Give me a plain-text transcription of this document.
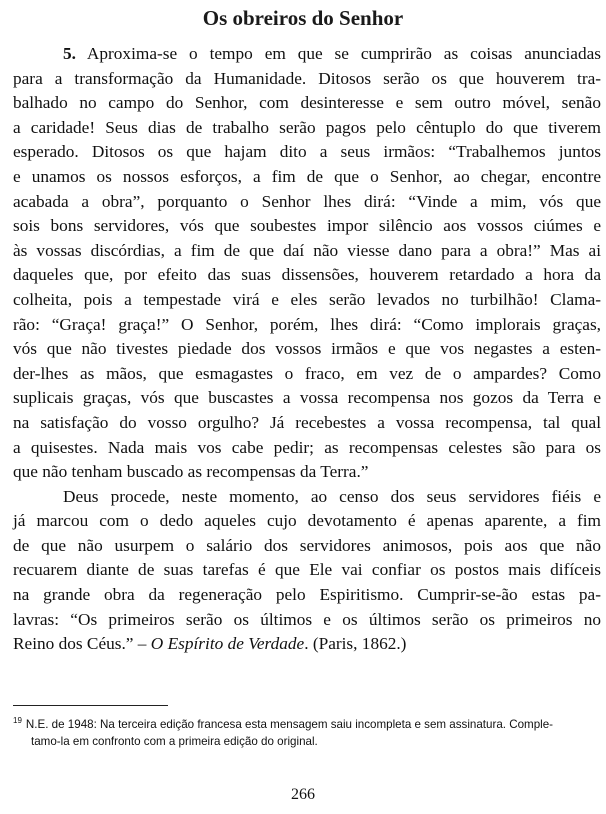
Os obreiros do Senhor
5. Aproxima-se o tempo em que se cumprirão as coisas anunciadas
para a transformação da Humanidade. Ditosos serão os que houverem tra-
balhado no campo do Senhor, com desinteresse e sem outro móvel, senão
a caridade! Seus dias de trabalho serão pagos pelo cêntuplo do que tiverem
esperado. Ditosos os que hajam dito a seus irmãos: “Trabalhemos juntos
e unamos os nossos esforços, a fim de que o Senhor, ao chegar, encontre
acabada a obra”, porquanto o Senhor lhes dirá: “Vinde a mim, vós que
sois bons servidores, vós que soubestes impor silêncio aos vossos ciúmes e
às vossas discórdias, a fim de que daí não viesse dano para a obra!” Mas ai
daqueles que, por efeito das suas dissensões, houverem retardado a hora da
colheita, pois a tempestade virá e eles serão levados no turbilhão! Clama-
rão: “Graça! graça!” O Senhor, porém, lhes dirá: “Como implorais graças,
vós que não tivestes piedade dos vossos irmãos e que vos negastes a esten-
der-lhes as mãos, que esmagastes o fraco, em vez de o ampardes? Como
suplicais graças, vós que buscastes a vossa recompensa nos gozos da Terra e
na satisfação do vosso orgulho? Já recebestes a vossa recompensa, tal qual
a quisestes. Nada mais vos cabe pedir; as recompensas celestes são para os
que não tenham buscado as recompensas da Terra.”
Deus procede, neste momento, ao censo dos seus servidores fiéis e
já marcou com o dedo aqueles cujo devotamento é apenas aparente, a fim
de que não usurpem o salário dos servidores animosos, pois aos que não
recuarem diante de suas tarefas é que Ele vai confiar os postos mais difíceis
na grande obra da regeneração pelo Espiritismo. Cumprir-se-ão estas pa-
lavras: “Os primeiros serão os últimos e os últimos serão os primeiros no
Reino dos Céus.” – O Espírito de Verdade. (Paris, 1862.)
$^{19}$ N.E. de 1948: Na terceira edição francesa esta mensagem saiu incompleta e sem assinatura. Comple-
tamo-la em confronto com a primeira edição do original.
266
